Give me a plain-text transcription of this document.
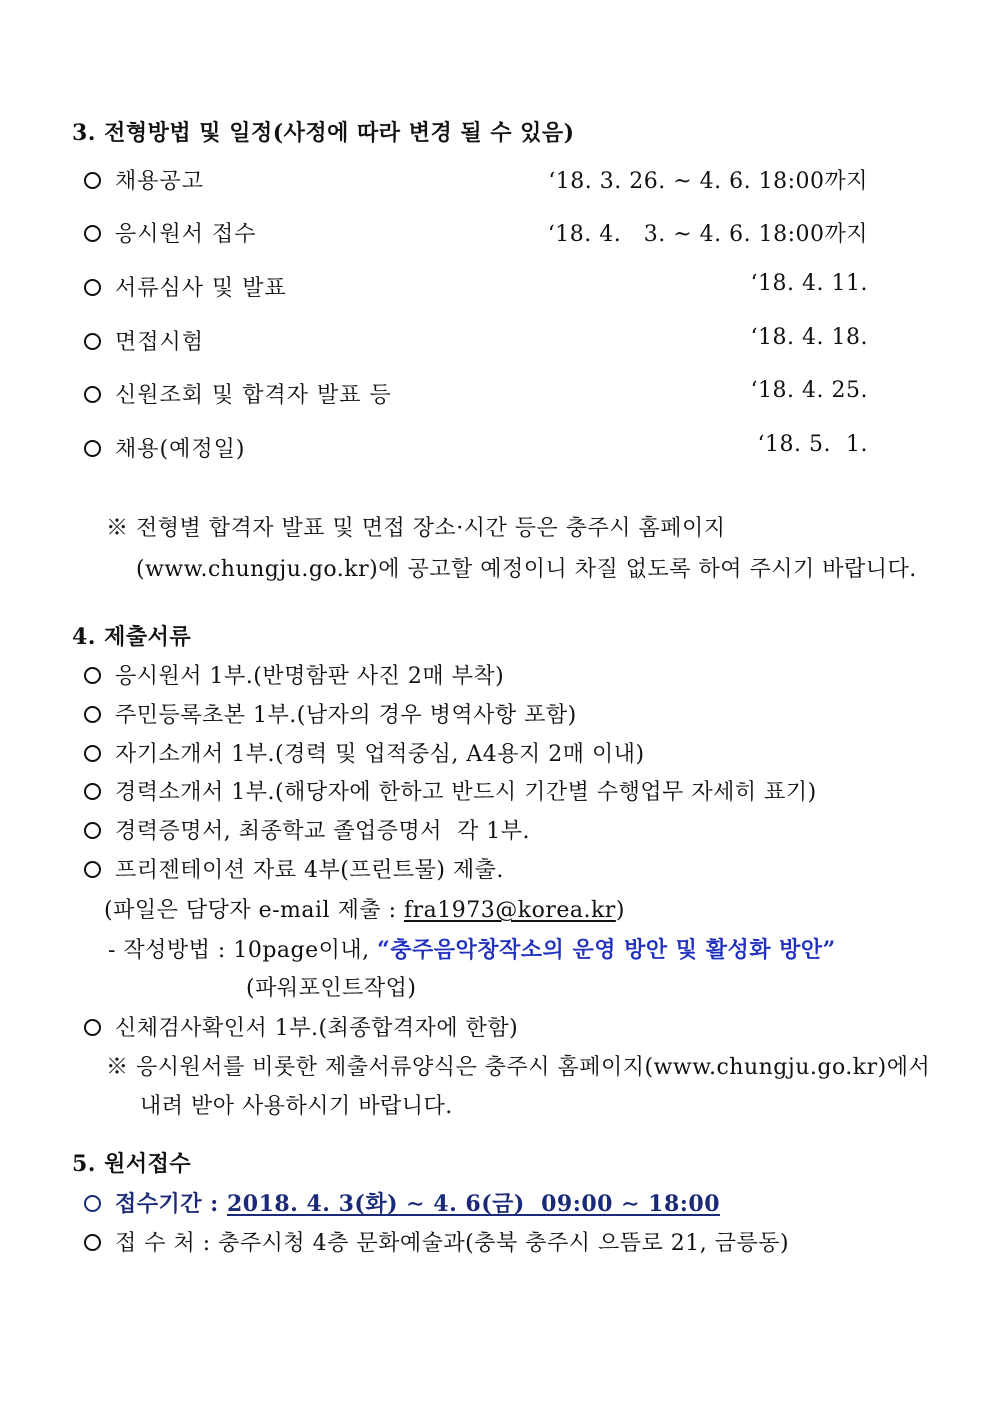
3. 전형방법 및 일정(사정에 따라 변경 될 수 있음)
채용공고	‘18. 3. 26. ~ 4. 6. 18:00까지
응시원서 접수	‘18. 4.   3. ~ 4. 6. 18:00까지
서류심사 및 발표	‘18. 4. 11.
면접시험	‘18. 4. 18.
신원조회 및 합격자 발표 등	‘18. 4. 25.
채용(예정일)	‘18. 5.  1.
※ 전형별 합격자 발표 및 면접 장소·시간 등은 충주시 홈페이지
(www.chungju.go.kr)에 공고할 예정이니 차질 없도록 하여 주시기 바랍니다.
4. 제출서류
응시원서 1부.(반명함판 사진 2매 부착)
주민등록초본 1부.(남자의 경우 병역사항 포함)
자기소개서 1부.(경력 및 업적중심, A4용지 2매 이내)
경력소개서 1부.(해당자에 한하고 반드시 기간별 수행업무 자세히 표기)
경력증명서, 최종학교 졸업증명서  각 1부.
프리젠테이션 자료 4부(프린트물) 제출.
(파일은 담당자 e-mail 제출 : fra1973@korea.kr)
- 작성방법 : 10page이내, “충주음악창작소의 운영 방안 및 활성화 방안”
(파워포인트작업)
신체검사확인서 1부.(최종합격자에 한함)
※ 응시원서를 비롯한 제출서류양식은 충주시 홈페이지(www.chungju.go.kr)에서
내려 받아 사용하시기 바랍니다.
5. 원서접수
접수기간 : 2018. 4. 3(화) ∼ 4. 6(금)  09:00 ∼ 18:00
접 수 처 : 충주시청 4층 문화예술과(충북 충주시 으뜸로 21, 금릉동)
